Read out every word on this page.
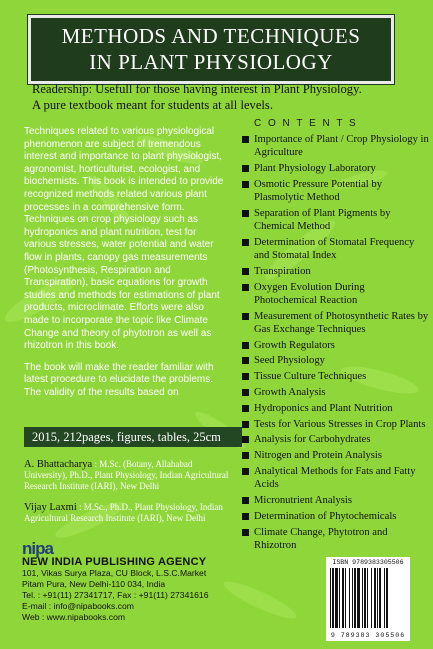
METHODS AND TECHNIQUES
IN PLANT PHYSIOLOGY
Readership: Usefull for those having interest in Plant Physiology.
A pure textbook meant for students at all levels.

Techniques related to various physiological phenomenon are subject of tremendous interest and importance to plant physiologist, agronomist, horticulturist, ecologist, and biochemists. This book is intended to provide recognized methods related various plant processes in a comprehensive form. Techniques on crop physiology such as hydroponics and plant nutrition, test for various stresses, water potential and water flow in plants, canopy gas measurements (Photosynthesis, Respiration and Transpiration), basic equations for growth studies and methods for estimations of plant products, microclimate. Efforts were also made to incorporate the topic like Climate Change and theory of phytotron as well as rhizotron in this book.

The book will make the reader familiar with latest procedure to elucidate the problems. The validity of the results based on

C O N T E N T S
Importance of Plant / Crop Physiology in Agriculture
Plant Physiology Laboratory
Osmotic Pressure Potential by Plasmolytic Method
Separation of Plant Pigments by Chemical Method
Determination of Stomatal Frequency and Stomatal Index
Transpiration
Oxygen Evolution During Photochemical Reaction
Measurement of Photosynthetic Rates by Gas Exchange Techniques
Growth Regulators
Seed Physiology
Tissue Culture Techniques
Growth Analysis
Hydroponics and Plant Nutrition
Tests for Various Stresses in Crop Plants
Analysis for Carbohydrates
Nitrogen and Protein Analysis
Analytical Methods for Fats and Fatty Acids
Micronutrient Analysis
Determination of Phytochemicals
Climate Change, Phytotron and Rhizotron
2015, 212pages, figures, tables, 25cm
A. Bhattacharya : M.Sc. (Botany, Allahabad University), Ph.D., Plant Physiology, Indian Agricultural Research Institute (IARI), New Delhi
Vijay Laxmi : M.Sc., Ph.D., Plant Physiology, Indian Agricultural Research Institute (IARI), New Delhi
nipa
NEW INDIA PUBLISHING AGENCY
101, Vikas Surya Plaza, CU Block, L.S.C.Market
Pitam Pura, New Delhi-110 034, India
Tel. : +91(11) 27341717, Fax : +91(11) 27341616
E-mail : info@nipabooks.com
Web : www.nipabooks.com
ISBN 9789383305506
9 789383 305506
